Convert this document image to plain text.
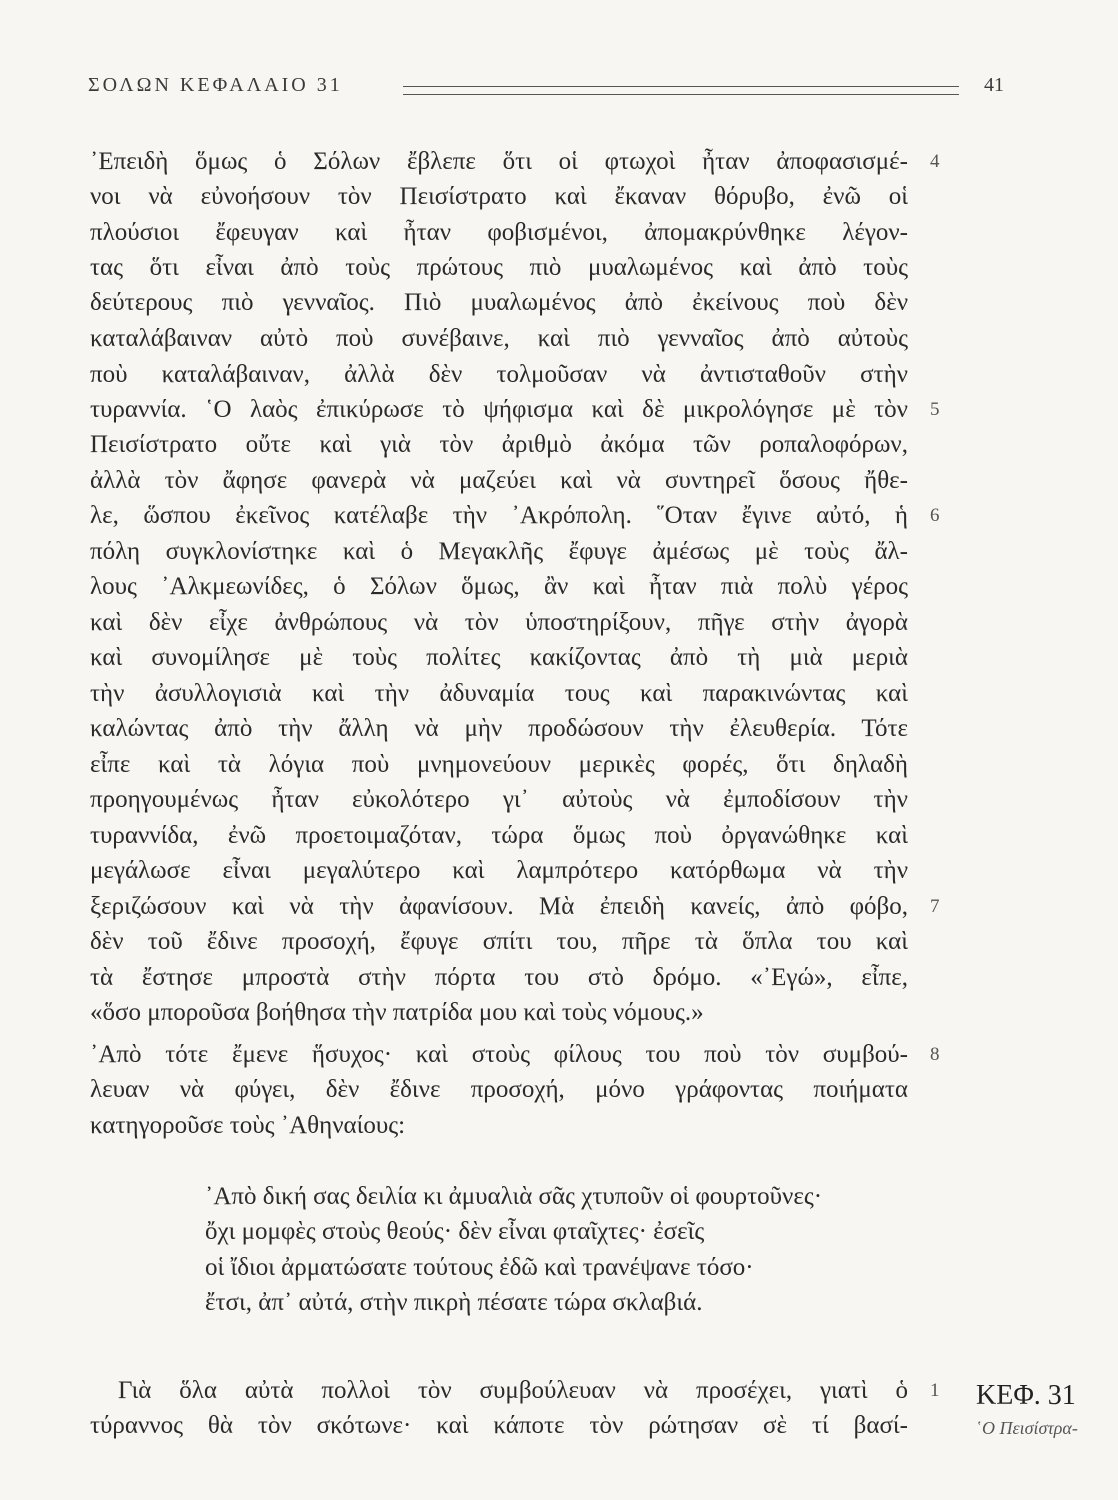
ΣΟΛΩΝ ΚΕΦΑΛΑΙΟ 31	41
᾿Επειδὴ ὅμως ὁ Σόλων ἔβλεπε ὅτι οἱ φτωχοὶ ἦταν ἀποφασισμέ-
νοι νὰ εὐνοήσουν τὸν Πεισίστρατο καὶ ἔκαναν θόρυβο, ἐνῶ οἱ
πλούσιοι ἔφευγαν καὶ ἦταν φοβισμένοι, ἀπομακρύνθηκε λέγον-
τας ὅτι εἶναι ἀπὸ τοὺς πρώτους πιὸ μυαλωμένος καὶ ἀπὸ τοὺς
δεύτερους πιὸ γενναῖος. Πιὸ μυαλωμένος ἀπὸ ἐκείνους ποὺ δὲν
καταλάβαιναν αὐτὸ ποὺ συνέβαινε, καὶ πιὸ γενναῖος ἀπὸ αὐτοὺς
ποὺ καταλάβαιναν, ἀλλὰ δὲν τολμοῦσαν νὰ ἀντισταθοῦν στὴν
τυραννία. ῾Ο λαὸς ἐπικύρωσε τὸ ψήφισμα καὶ δὲ μικρολόγησε μὲ τὸν
Πεισίστρατο οὔτε καὶ γιὰ τὸν ἀριθμὸ ἀκόμα τῶν ροπαλοφόρων,
ἀλλὰ τὸν ἄφησε φανερὰ νὰ μαζεύει καὶ νὰ συντηρεῖ ὅσους ἤθε-
λε, ὥσπου ἐκεῖνος κατέλαβε τὴν ᾿Ακρόπολη. ῞Οταν ἔγινε αὐτό, ἡ
πόλη συγκλονίστηκε καὶ ὁ Μεγακλῆς ἔφυγε ἀμέσως μὲ τοὺς ἄλ-
λους ᾿Αλκμεωνίδες, ὁ Σόλων ὅμως, ἂν καὶ ἦταν πιὰ πολὺ γέρος
καὶ δὲν εἶχε ἀνθρώπους νὰ τὸν ὑποστηρίξουν, πῆγε στὴν ἀγορὰ
καὶ συνομίλησε μὲ τοὺς πολίτες κακίζοντας ἀπὸ τὴ μιὰ μεριὰ
τὴν ἀσυλλογισιὰ καὶ τὴν ἀδυναμία τους καὶ παρακινώντας καὶ
καλώντας ἀπὸ τὴν ἄλλη νὰ μὴν προδώσουν τὴν ἐλευθερία. Τότε
εἶπε καὶ τὰ λόγια ποὺ μνημονεύουν μερικὲς φορές, ὅτι δηλαδὴ
προηγουμένως ἦταν εὐκολότερο γι᾿ αὐτοὺς νὰ ἐμποδίσουν τὴν
τυραννίδα, ἐνῶ προετοιμαζόταν, τώρα ὅμως ποὺ ὀργανώθηκε καὶ
μεγάλωσε εἶναι μεγαλύτερο καὶ λαμπρότερο κατόρθωμα νὰ τὴν
ξεριζώσουν καὶ νὰ τὴν ἀφανίσουν. Μὰ ἐπειδὴ κανείς, ἀπὸ φόβο,
δὲν τοῦ ἔδινε προσοχή, ἔφυγε σπίτι του, πῆρε τὰ ὅπλα του καὶ
τὰ ἔστησε μπροστὰ στὴν πόρτα του στὸ δρόμο. «᾿Εγώ», εἶπε,
«ὅσο μποροῦσα βοήθησα τὴν πατρίδα μου καὶ τοὺς νόμους.»
᾿Απὸ τότε ἔμενε ἥσυχος· καὶ στοὺς φίλους του ποὺ τὸν συμβού-
λευαν νὰ φύγει, δὲν ἔδινε προσοχή, μόνο γράφοντας ποιήματα
κατηγοροῦσε τοὺς ᾿Αθηναίους:
᾿Απὸ δική σας δειλία κι ἀμυαλιὰ σᾶς χτυποῦν οἱ φουρτοῦνες·
ὄχι μομφὲς στοὺς θεούς· δὲν εἶναι φταῖχτες· ἐσεῖς
οἱ ἴδιοι ἀρματώσατε τούτους ἐδῶ καὶ τρανέψανε τόσο·
ἔτσι, ἀπ᾿ αὐτά, στὴν πικρὴ πέσατε τώρα σκλαβιά.
Γιὰ ὅλα αὐτὰ πολλοὶ τὸν συμβούλευαν νὰ προσέχει, γιατὶ ὁ
τύραννος θὰ τὸν σκότωνε· καὶ κάποτε τὸν ρώτησαν σὲ τί βασί-
4
5
6
7
8
1	ΚΕΦ. 31
῾Ο Πεισίστρα-
